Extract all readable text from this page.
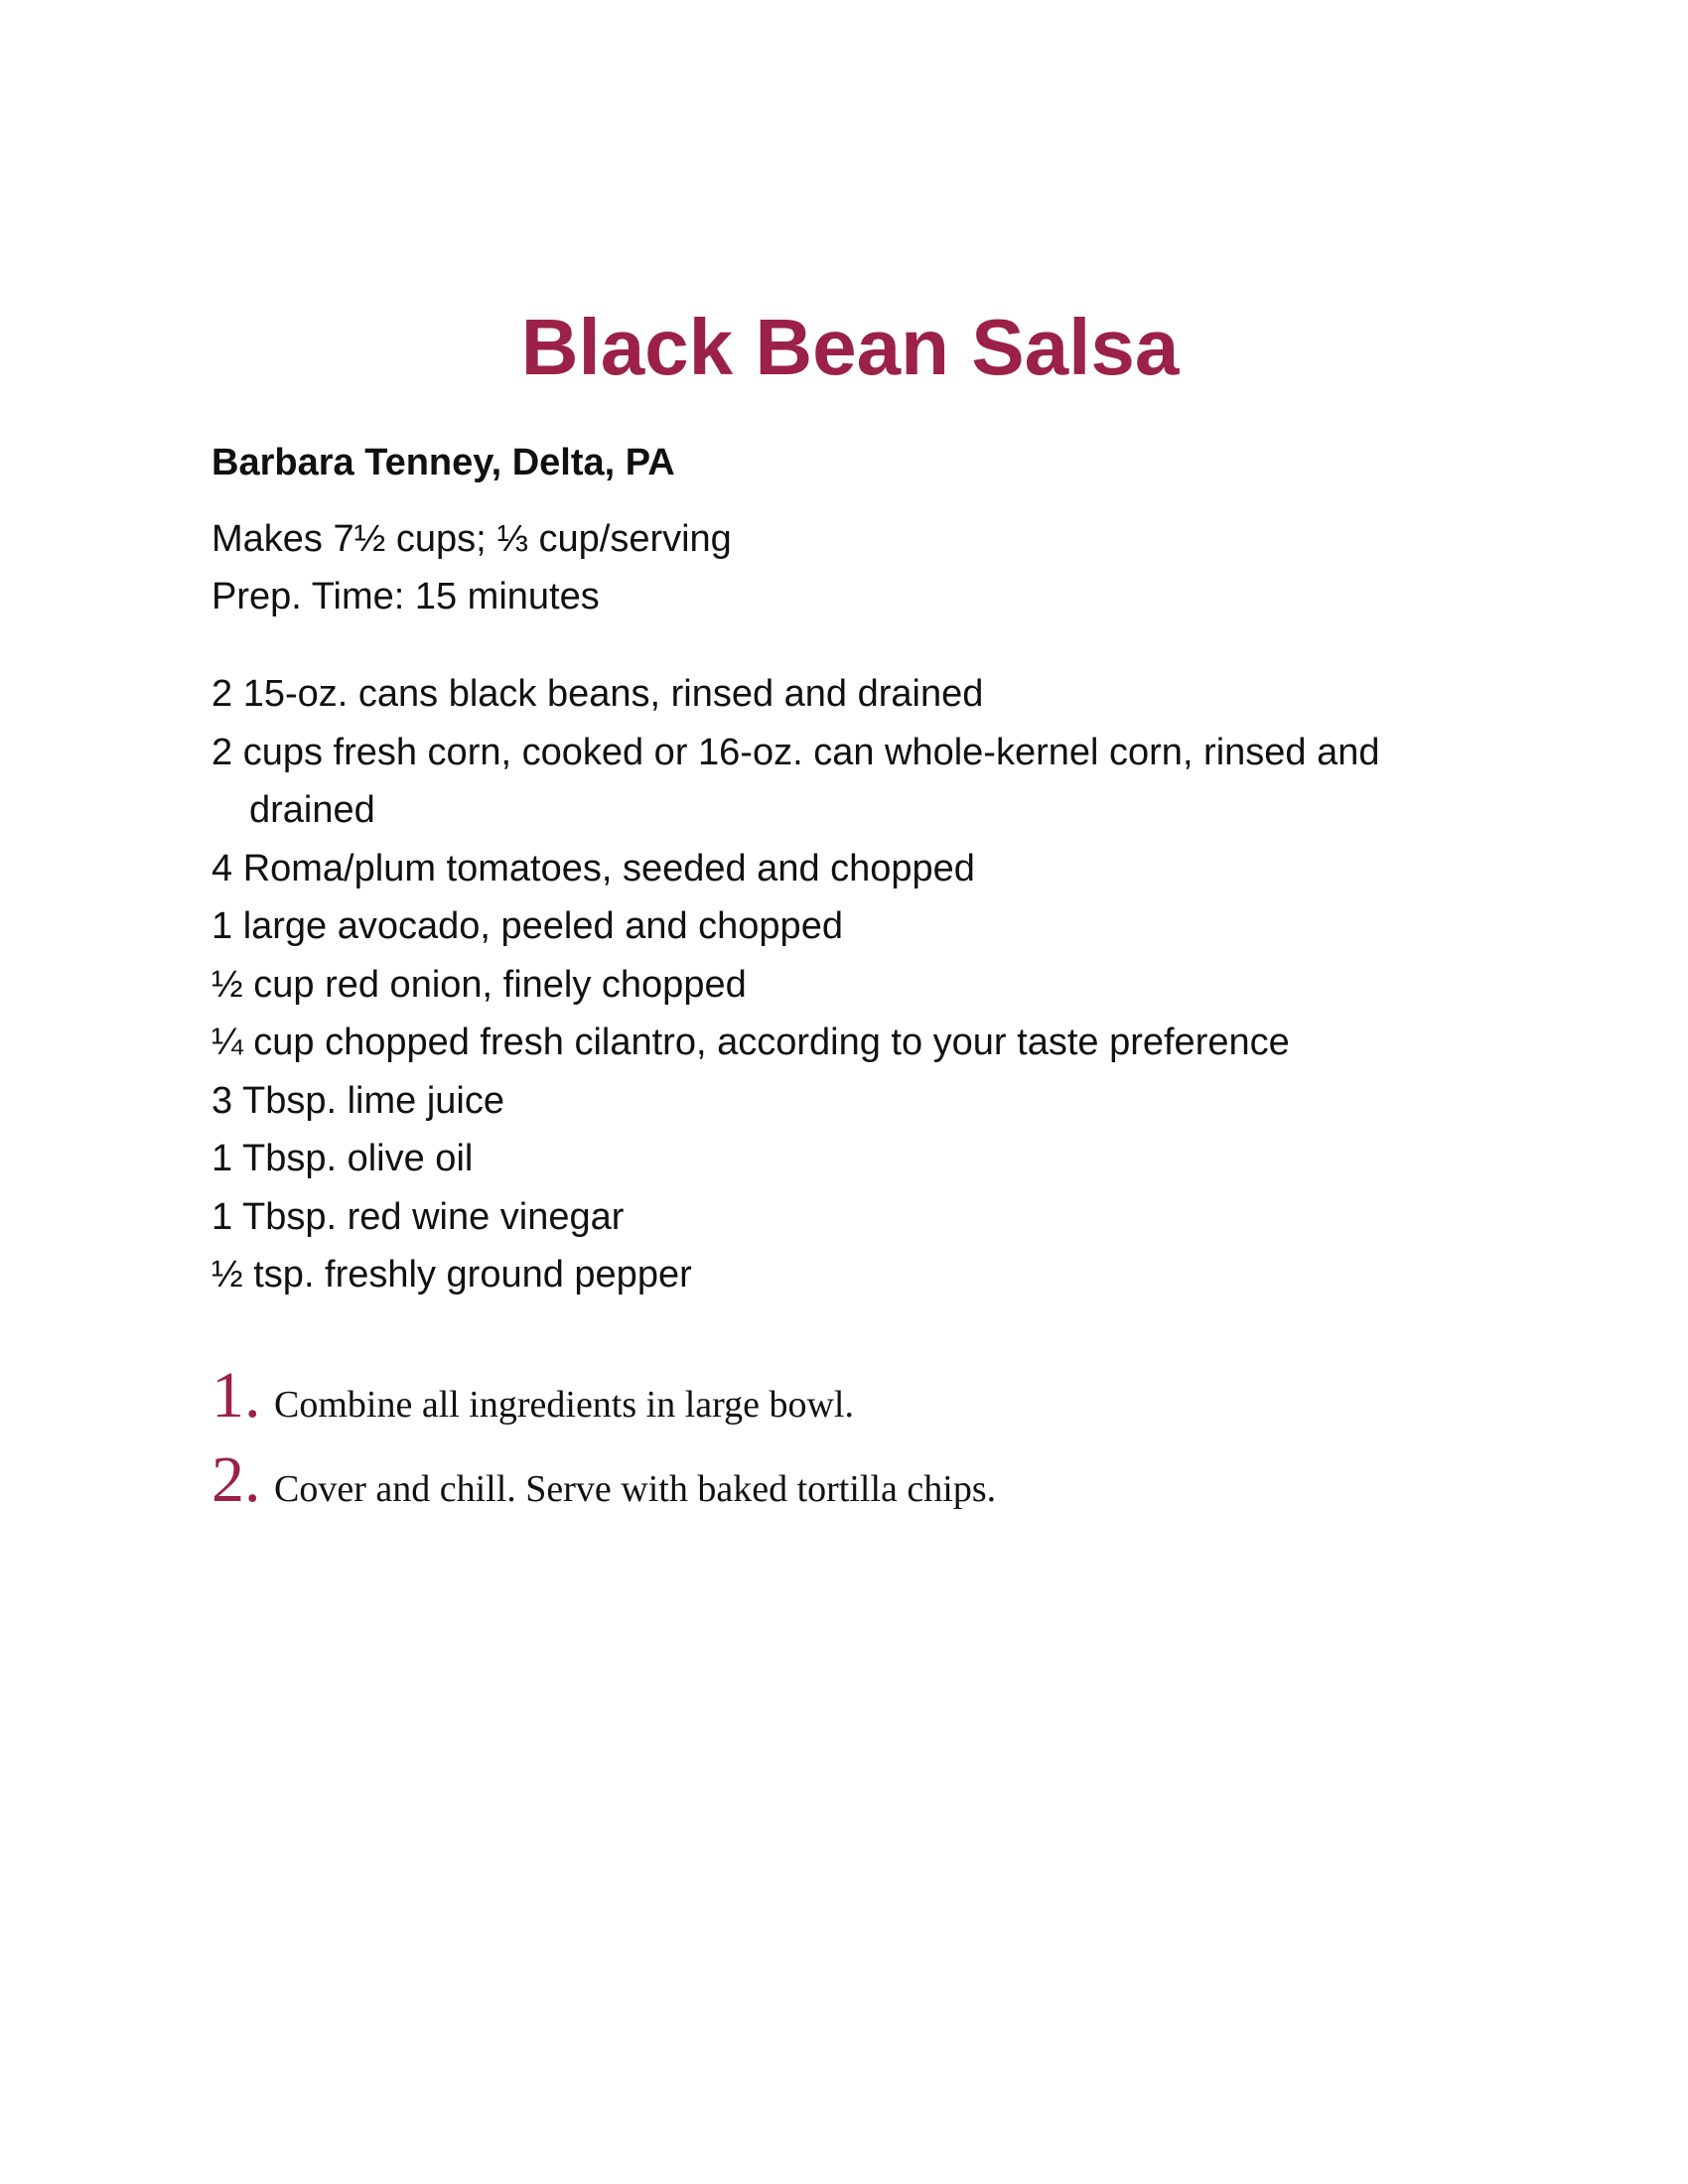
Black Bean Salsa

Barbara Tenney, Delta, PA

Makes 7½ cups; ⅓ cup/serving

Prep. Time: 15 minutes

2 15-oz. cans black beans, rinsed and drained
2 cups fresh corn, cooked or 16-oz. can whole-kernel corn, rinsed and drained
4 Roma/plum tomatoes, seeded and chopped
1 large avocado, peeled and chopped
½ cup red onion, finely chopped
¼ cup chopped fresh cilantro, according to your taste preference
3 Tbsp. lime juice
1 Tbsp. olive oil
1 Tbsp. red wine vinegar
½ tsp. freshly ground pepper
1. Combine all ingredients in large bowl.
2. Cover and chill. Serve with baked tortilla chips.
